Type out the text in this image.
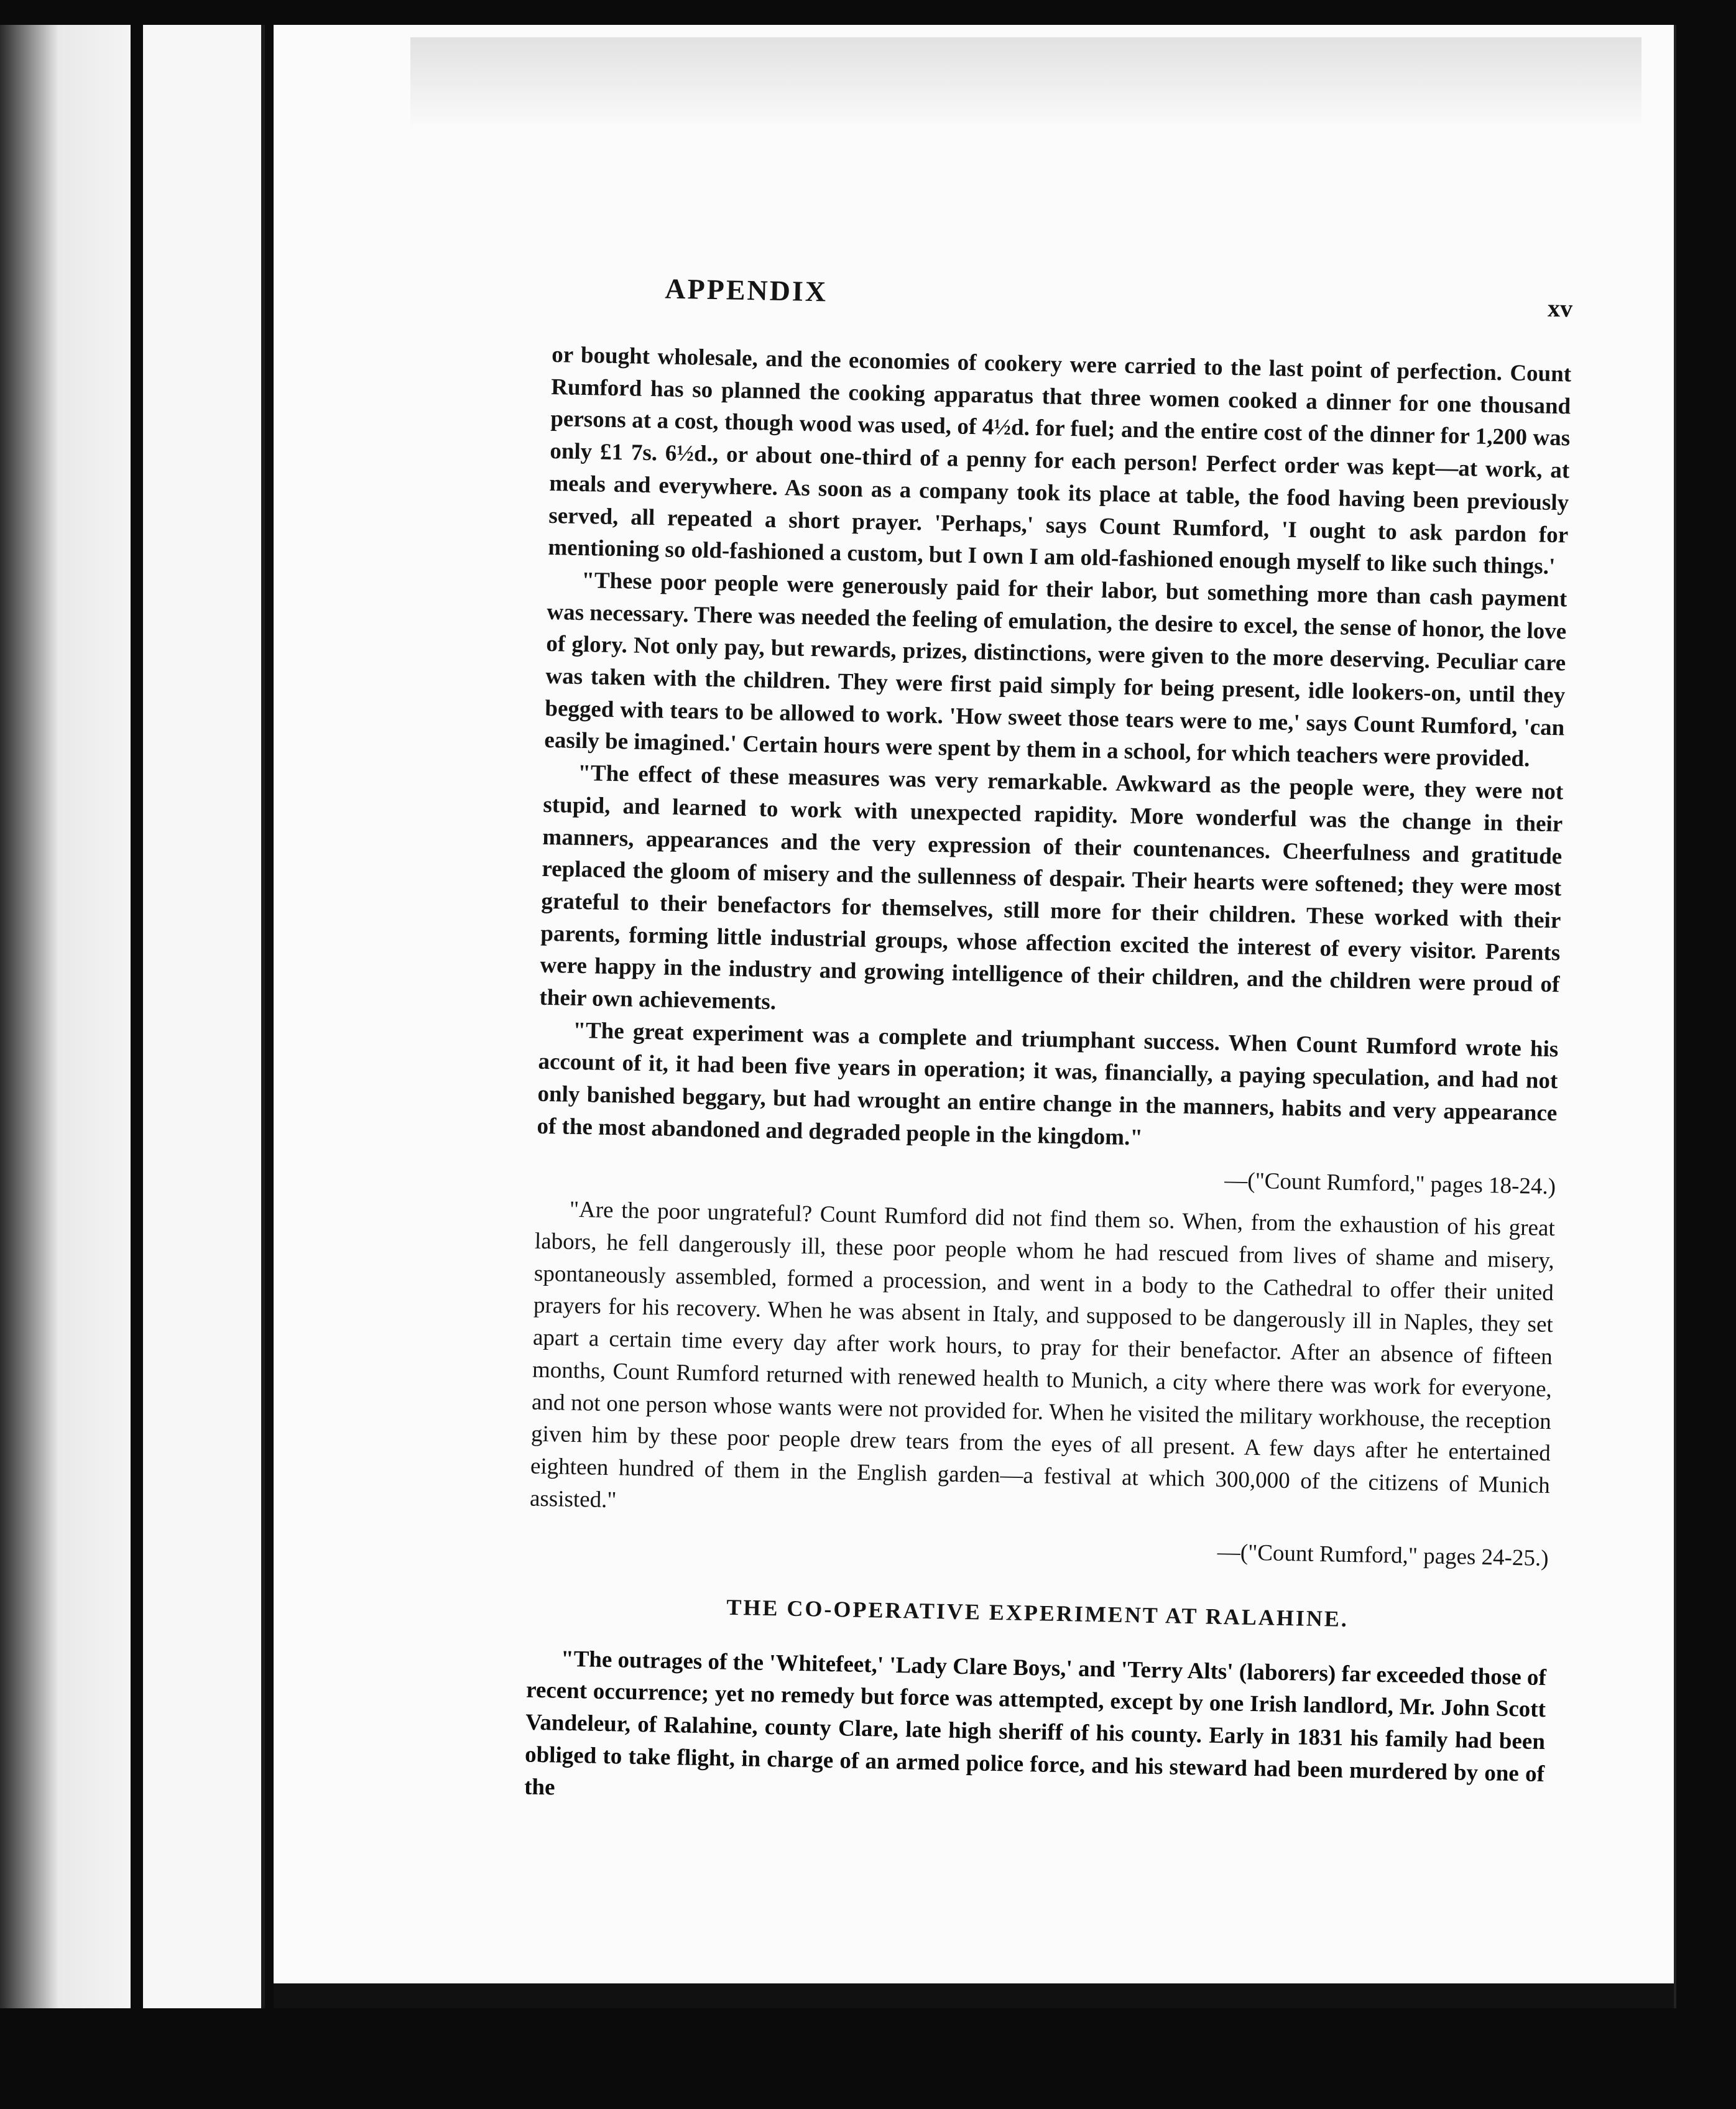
APPENDIX
xv

or bought wholesale, and the economies of cookery were carried to the last point of perfection. Count Rumford has so planned the cooking apparatus that three women cooked a dinner for one thousand persons at a cost, though wood was used, of 4½d. for fuel; and the entire cost of the dinner for 1,200 was only £1 7s. 6½d., or about one-third of a penny for each person! Perfect order was kept—at work, at meals and everywhere. As soon as a company took its place at table, the food having been previously served, all repeated a short prayer. 'Perhaps,' says Count Rumford, 'I ought to ask pardon for mentioning so old-fashioned a custom, but I own I am old-fashioned enough myself to like such things.'

"These poor people were generously paid for their labor, but something more than cash payment was necessary. There was needed the feeling of emulation, the desire to excel, the sense of honor, the love of glory. Not only pay, but rewards, prizes, distinctions, were given to the more deserving. Peculiar care was taken with the children. They were first paid simply for being present, idle lookers-on, until they begged with tears to be allowed to work. 'How sweet those tears were to me,' says Count Rumford, 'can easily be imagined.' Certain hours were spent by them in a school, for which teachers were provided.

"The effect of these measures was very remarkable. Awkward as the people were, they were not stupid, and learned to work with unexpected rapidity. More wonderful was the change in their manners, appearances and the very expression of their countenances. Cheerfulness and gratitude replaced the gloom of misery and the sullenness of despair. Their hearts were softened; they were most grateful to their benefactors for themselves, still more for their children. These worked with their parents, forming little industrial groups, whose affection excited the interest of every visitor. Parents were happy in the industry and growing intelligence of their children, and the children were proud of their own achievements.

"The great experiment was a complete and triumphant success. When Count Rumford wrote his account of it, it had been five years in operation; it was, financially, a paying speculation, and had not only banished beggary, but had wrought an entire change in the manners, habits and very appearance of the most abandoned and degraded people in the kingdom."

—("Count Rumford," pages 18-24.)

"Are the poor ungrateful? Count Rumford did not find them so. When, from the exhaustion of his great labors, he fell dangerously ill, these poor people whom he had rescued from lives of shame and misery, spontaneously assembled, formed a procession, and went in a body to the Cathedral to offer their united prayers for his recovery. When he was absent in Italy, and supposed to be dangerously ill in Naples, they set apart a certain time every day after work hours, to pray for their benefactor. After an absence of fifteen months, Count Rumford returned with renewed health to Munich, a city where there was work for everyone, and not one person whose wants were not provided for. When he visited the military workhouse, the reception given him by these poor people drew tears from the eyes of all present. A few days after he entertained eighteen hundred of them in the English garden—a festival at which 300,000 of the citizens of Munich assisted."

—("Count Rumford," pages 24-25.)

THE CO-OPERATIVE EXPERIMENT AT RALAHINE.

"The outrages of the 'Whitefeet,' 'Lady Clare Boys,' and 'Terry Alts' (laborers) far exceeded those of recent occurrence; yet no remedy but force was attempted, except by one Irish landlord, Mr. John Scott Vandeleur, of Ralahine, county Clare, late high sheriff of his county. Early in 1831 his family had been obliged to take flight, in charge of an armed police force, and his steward had been murdered by one of the
